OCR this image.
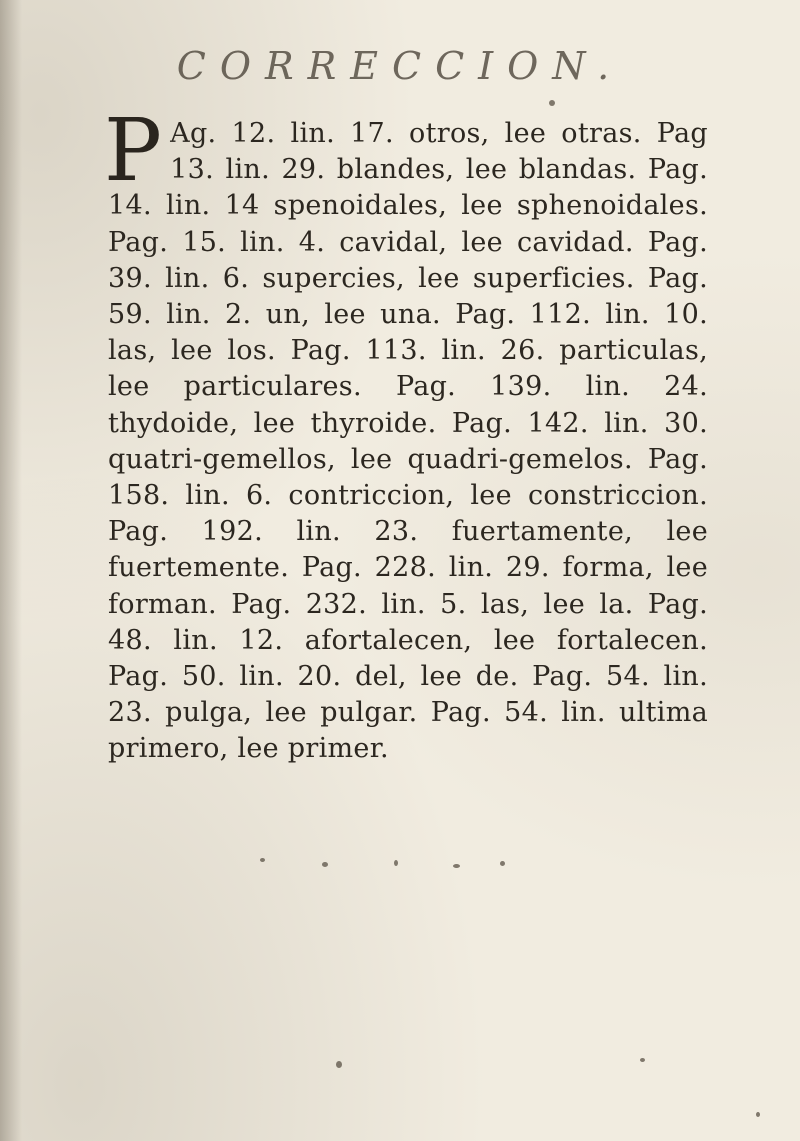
CORRECCION.
P Ag. 12. lin. 17. otros, lee otras. Pag 13. lin. 29. blandes, lee blandas. Pag. 14. lin. 14 spenoidales, lee sphenoidales. Pag. 15. lin. 4. cavidal, lee cavidad. Pag. 39. lin. 6. supercies, lee superficies. Pag. 59. lin. 2. un, lee una. Pag. 112. lin. 10. las, lee los. Pag. 113. lin. 26. particulas, lee particulares. Pag. 139. lin. 24. thydoide, lee thyroide. Pag. 142. lin. 30. quatri-gemellos, lee quadri-gemelos. Pag. 158. lin. 6. contriccion, lee constriccion. Pag. 192. lin. 23. fuertamente, lee fuertemente. Pag. 228. lin. 29. forma, lee forman. Pag. 232. lin. 5. las, lee la. Pag. 48. lin. 12. afortalecen, lee fortalecen. Pag. 50. lin. 20. del, lee de. Pag. 54. lin. 23. pulga, lee pulgar. Pag. 54. lin. ultima primero, lee primer.
